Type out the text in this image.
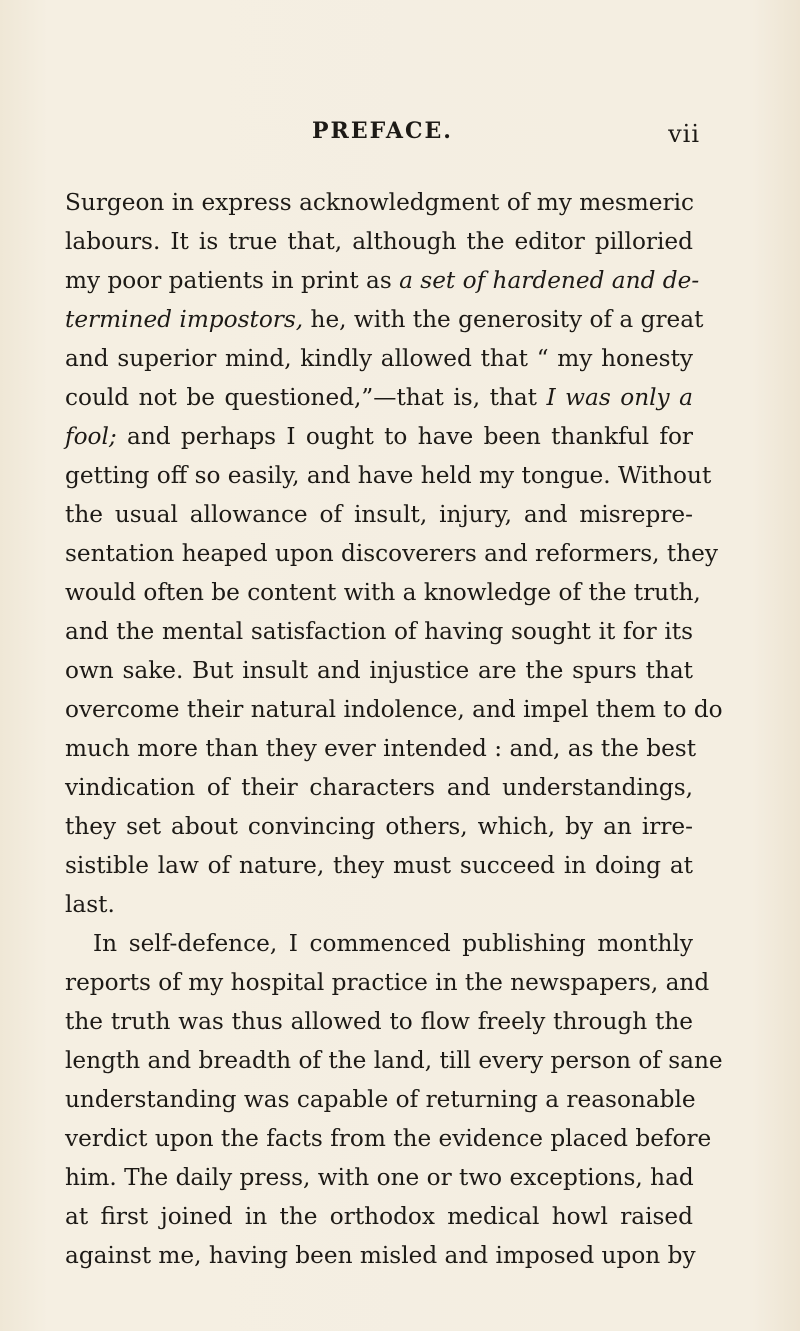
PREFACE.	vii
Surgeon in express acknowledgment of my mesmeric
labours. It is true that, although the editor pilloried
my poor patients in print as a set of hardened and de-
termined impostors, he, with the generosity of a great
and superior mind, kindly allowed that “ my honesty
could not be questioned,”—that is, that I was only a
fool; and perhaps I ought to have been thankful for
getting off so easily, and have held my tongue. Without
the usual allowance of insult, injury, and misrepre-
sentation heaped upon discoverers and reformers, they
would often be content with a knowledge of the truth,
and the mental satisfaction of having sought it for its
own sake. But insult and injustice are the spurs that
overcome their natural indolence, and impel them to do
much more than they ever intended : and, as the best
vindication of their characters and understandings,
they set about convincing others, which, by an irre-
sistible law of nature, they must succeed in doing at
last.
In self-defence, I commenced publishing monthly
reports of my hospital practice in the newspapers, and
the truth was thus allowed to flow freely through the
length and breadth of the land, till every person of sane
understanding was capable of returning a reasonable
verdict upon the facts from the evidence placed before
him. The daily press, with one or two exceptions, had
at first joined in the orthodox medical howl raised
against me, having been misled and imposed upon by
